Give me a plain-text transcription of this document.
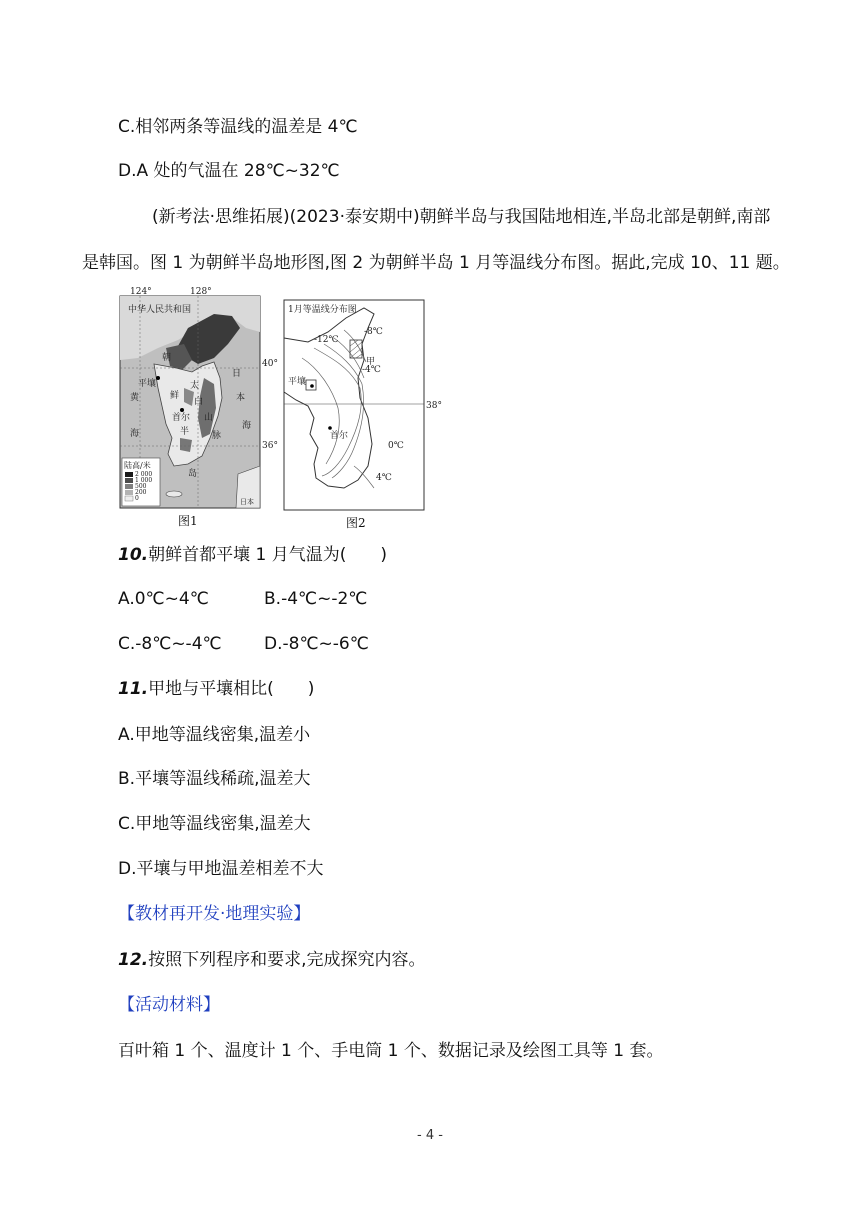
C.相邻两条等温线的温差是 4℃
D.A 处的气温在 28℃~32℃
(新考法·思维拓展)(2023·泰安期中)朝鲜半岛与我国陆地相连,半岛北部是朝鲜,南部
是韩国。图 1 为朝鲜半岛地形图,图 2 为朝鲜半岛 1 月等温线分布图。据此,完成 10、11 题。
124°	128°
40°
36°
中华人民共和国
朝
鲜
半
岛
太
白
山
脉
平壤
首尔
黄
海
日
本
海
日本
陆高/米
2 000
1 000
500
200
0
1月等温线分布图
-12℃
-8℃
-4℃
甲
0℃
4℃
38°
平壤
首尔
图1	图2
10.朝鲜首都平壤 1 月气温为(　　)
A.0℃~4℃	B.-4℃~-2℃
C.-8℃~-4℃ D.-8℃~-6℃
11.甲地与平壤相比(　　)
A.甲地等温线密集,温差小
B.平壤等温线稀疏,温差大
C.甲地等温线密集,温差大
D.平壤与甲地温差相差不大
【教材再开发·地理实验】
12.按照下列程序和要求,完成探究内容。
【活动材料】
百叶箱 1 个、温度计 1 个、手电筒 1 个、数据记录及绘图工具等 1 套。
- 4 -
